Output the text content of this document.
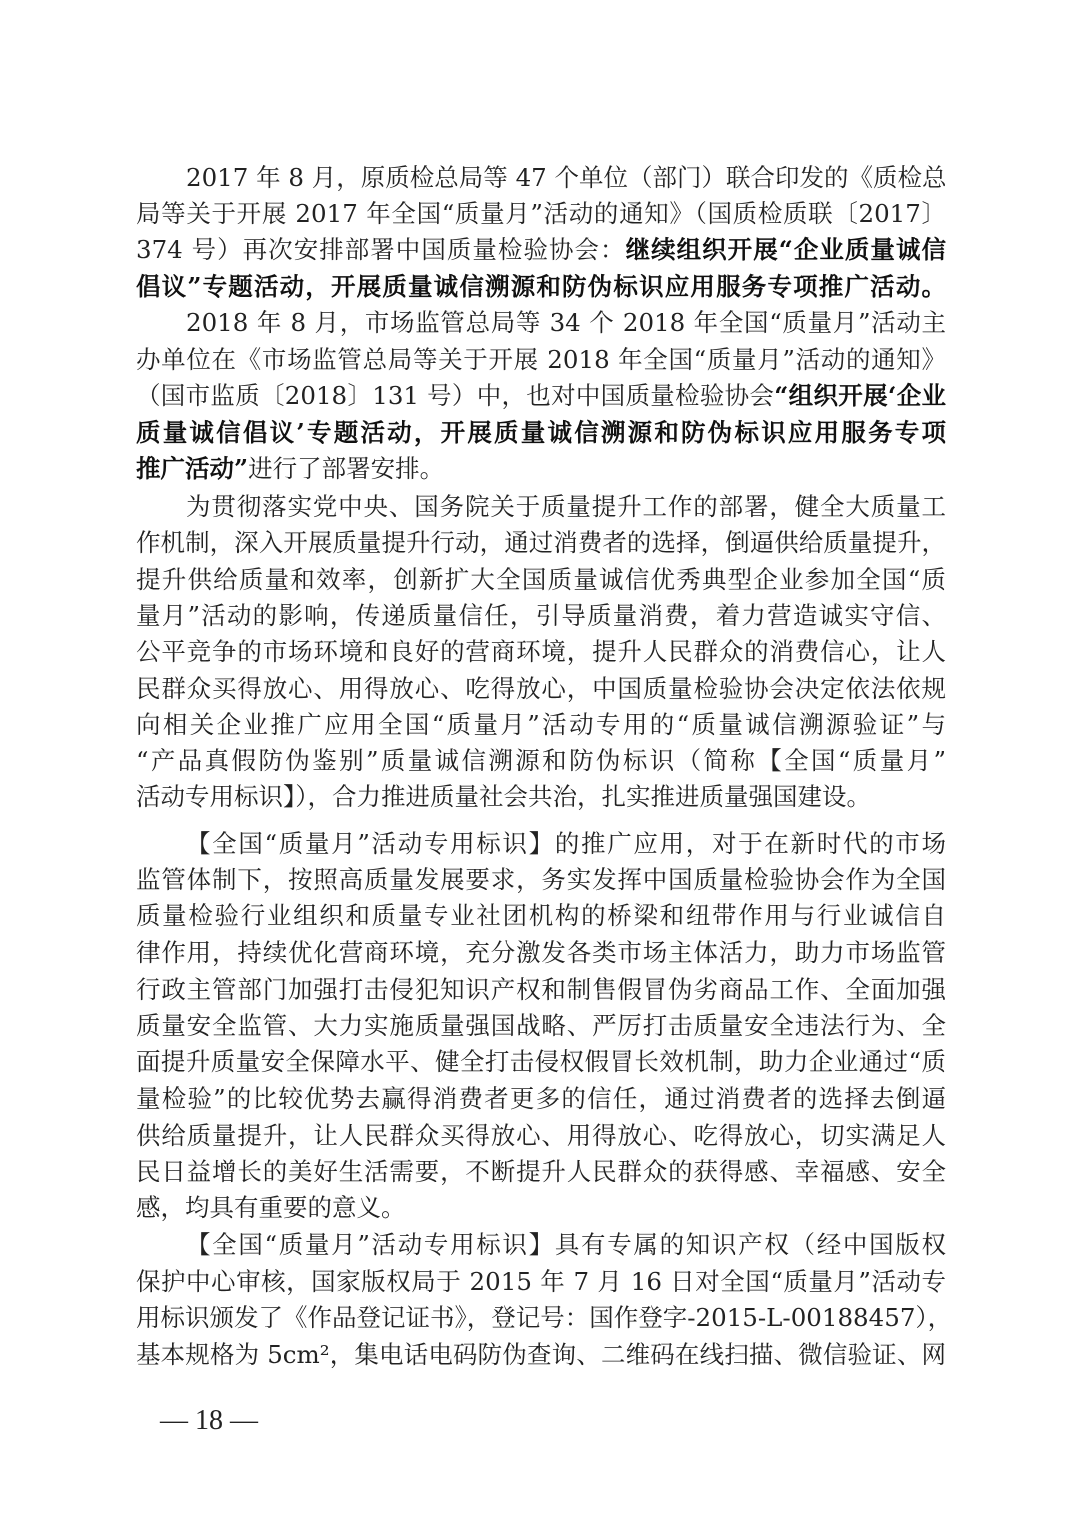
2017 年 8 月，原质检总局等 47 个单位（部门）联合印发的《质检总
局等关于开展 2017 年全国“质量月”活动的通知》（国质检质联〔2017〕
374 号）再次安排部署中国质量检验协会：继续组织开展“企业质量诚信
倡议”专题活动，开展质量诚信溯源和防伪标识应用服务专项推广活动。
2018 年 8 月，市场监管总局等 34 个 2018 年全国“质量月”活动主
办单位在《市场监管总局等关于开展 2018 年全国“质量月”活动的通知》
（国市监质〔2018〕131 号）中，也对中国质量检验协会“组织开展‘企业
质量诚信倡议’专题活动，开展质量诚信溯源和防伪标识应用服务专项
推广活动”进行了部署安排。
为贯彻落实党中央、国务院关于质量提升工作的部署，健全大质量工
作机制，深入开展质量提升行动，通过消费者的选择，倒逼供给质量提升，
提升供给质量和效率，创新扩大全国质量诚信优秀典型企业参加全国“质
量月”活动的影响，传递质量信任，引导质量消费，着力营造诚实守信、
公平竞争的市场环境和良好的营商环境，提升人民群众的消费信心，让人
民群众买得放心、用得放心、吃得放心，中国质量检验协会决定依法依规
向相关企业推广应用全国“质量月”活动专用的“质量诚信溯源验证”与
“产品真假防伪鉴别”质量诚信溯源和防伪标识（简称【全国“质量月”
活动专用标识】），合力推进质量社会共治，扎实推进质量强国建设。
【全国“质量月”活动专用标识】的推广应用，对于在新时代的市场
监管体制下，按照高质量发展要求，务实发挥中国质量检验协会作为全国
质量检验行业组织和质量专业社团机构的桥梁和纽带作用与行业诚信自
律作用，持续优化营商环境，充分激发各类市场主体活力，助力市场监管
行政主管部门加强打击侵犯知识产权和制售假冒伪劣商品工作、全面加强
质量安全监管、大力实施质量强国战略、严厉打击质量安全违法行为、全
面提升质量安全保障水平、健全打击侵权假冒长效机制，助力企业通过“质
量检验”的比较优势去赢得消费者更多的信任，通过消费者的选择去倒逼
供给质量提升，让人民群众买得放心、用得放心、吃得放心，切实满足人
民日益增长的美好生活需要，不断提升人民群众的获得感、幸福感、安全
感，均具有重要的意义。
【全国“质量月”活动专用标识】具有专属的知识产权（经中国版权
保护中心审核，国家版权局于 2015 年 7 月 16 日对全国“质量月”活动专
用标识颁发了《作品登记证书》，登记号：国作登字-2015-L-00188457），
基本规格为 5cm²，集电话电码防伪查询、二维码在线扫描、微信验证、网
— 18 —
